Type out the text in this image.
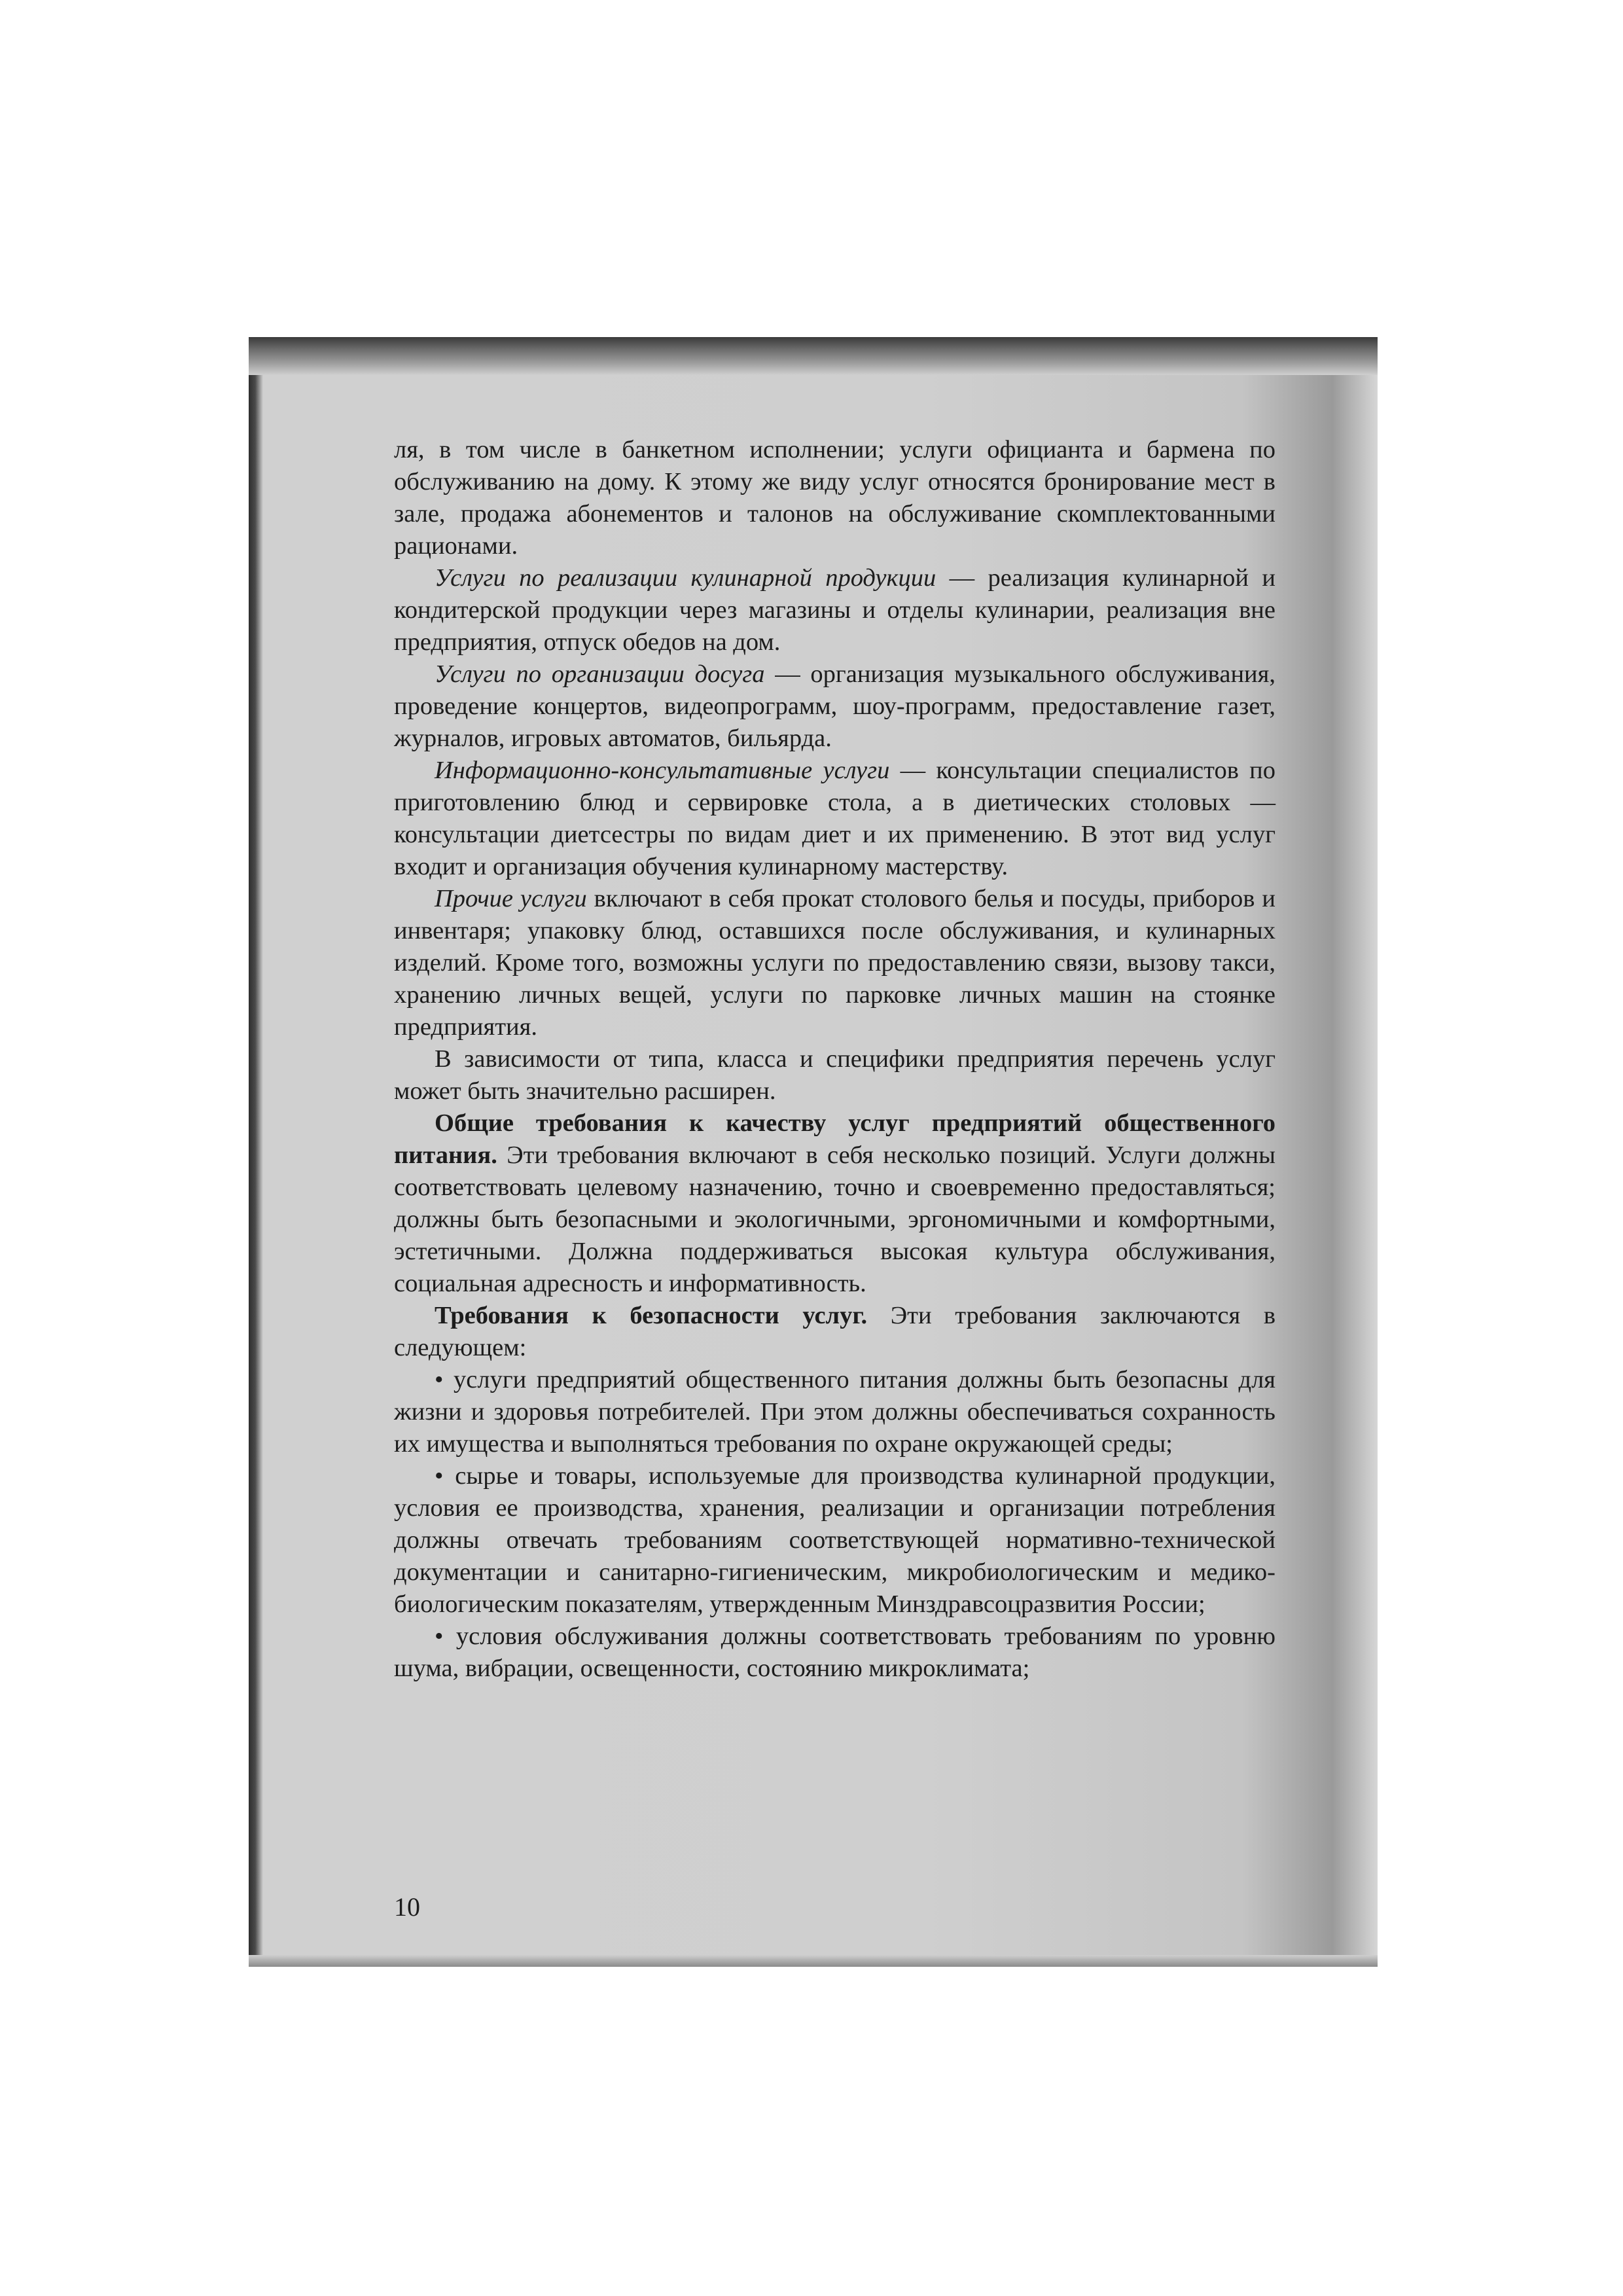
ля, в том числе в банкетном исполнении; услуги официанта и бармена по обслуживанию на дому. К этому же виду услуг относятся бронирование мест в зале, продажа абонементов и талонов на обслуживание скомплектованными рационами.

Услуги по реализации кулинарной продукции — реализация кулинарной и кондитерской продукции через магазины и отделы кулинарии, реализация вне предприятия, отпуск обедов на дом.

Услуги по организации досуга — организация музыкального обслуживания, проведение концертов, видеопрограмм, шоу-программ, предоставление газет, журналов, игровых автоматов, бильярда.

Информационно-консультативные услуги — консультации специалистов по приготовлению блюд и сервировке стола, а в диетических столовых — консультации диетсестры по видам диет и их применению. В этот вид услуг входит и организация обучения кулинарному мастерству.

Прочие услуги включают в себя прокат столового белья и посуды, приборов и инвентаря; упаковку блюд, оставшихся после обслуживания, и кулинарных изделий. Кроме того, возможны услуги по предоставлению связи, вызову такси, хранению личных вещей, услуги по парковке личных машин на стоянке предприятия.

В зависимости от типа, класса и специфики предприятия перечень услуг может быть значительно расширен.

Общие требования к качеству услуг предприятий общественного питания. Эти требования включают в себя несколько позиций. Услуги должны соответствовать целевому назначению, точно и своевременно предоставляться; должны быть безопасными и экологичными, эргономичными и комфортными, эстетичными. Должна поддерживаться высокая культура обслуживания, социальная адресность и информативность.

Требования к безопасности услуг. Эти требования заключаются в следующем:

• услуги предприятий общественного питания должны быть безопасны для жизни и здоровья потребителей. При этом должны обеспечиваться сохранность их имущества и выполняться требования по охране окружающей среды;

• сырье и товары, используемые для производства кулинарной продукции, условия ее производства, хранения, реализации и организации потребления должны отвечать требованиям соответствующей нормативно-технической документации и санитарно-гигиеническим, микробиологическим и медико-биологическим показателям, утвержденным Минздравсоцразвития России;

• условия обслуживания должны соответствовать требованиям по уровню шума, вибрации, освещенности, состоянию микроклимата;

10
